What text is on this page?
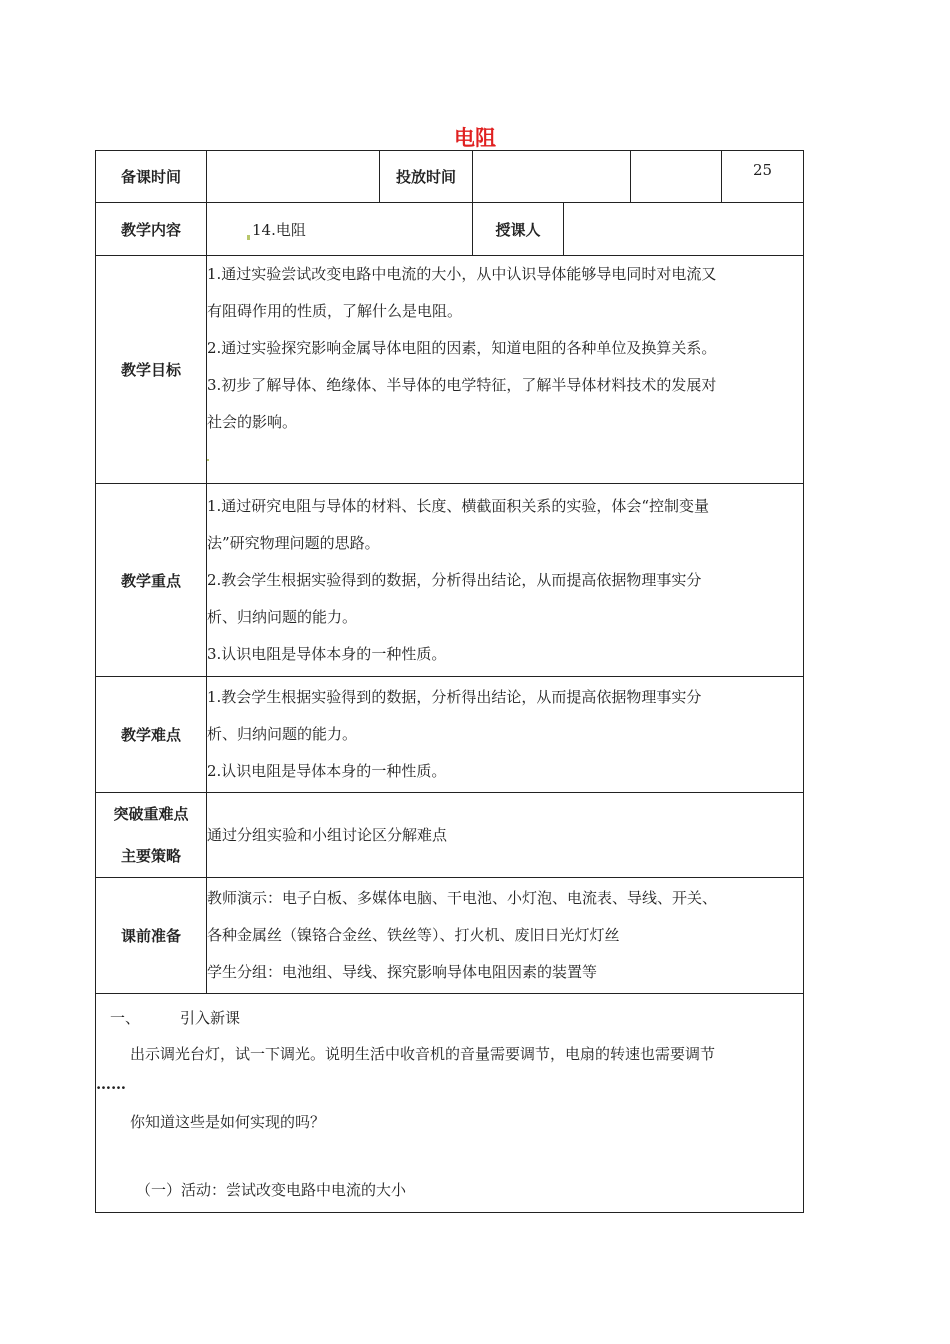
电阻
备课时间		投放时间				25
教学内容	14.电阻		授课人			
教学目标	1.通过实验尝试改变电路中电流的大小，从中认识导体能够导电同时对电流又

有阻碍作用的性质，了解什么是电阻。

2.通过实验探究影响金属导体电阻的因素，知道电阻的各种单位及换算关系。

3.初步了解导体、绝缘体、半导体的电学特征，了解半导体材料技术的发展对

社会的影响。					

教学重点	1.通过研究电阻与导体的材料、长度、横截面积关系的实验，体会“控制变量

法”研究物理问题的思路。

2.教会学生根据实验得到的数据，分析得出结论，从而提高依据物理事实分

析、归纳问题的能力。

3.认识电阻是导体本身的一种性质。					

教学难点	1.教会学生根据实验得到的数据，分析得出结论，从而提高依据物理事实分

析、归纳问题的能力。

2.认识电阻是导体本身的一种性质。					

突破重难点
主要策略	通过分组实验和小组讨论区分解难点					
课前准备	教师演示：电子白板、多媒体电脑、干电池、小灯泡、电流表、导线、开关、

各种金属丝（镍铬合金丝、铁丝等）、打火机、废旧日光灯灯丝

学生分组：电池组、导线、探究影响导体电阻因素的装置等					

一、 引入新课

出示调光台灯，试一下调光。说明生活中收音机的音量需要调节，电扇的转速也需要调节

……

你知道这些是如何实现的吗？

（一）活动：尝试改变电路中电流的大小						
